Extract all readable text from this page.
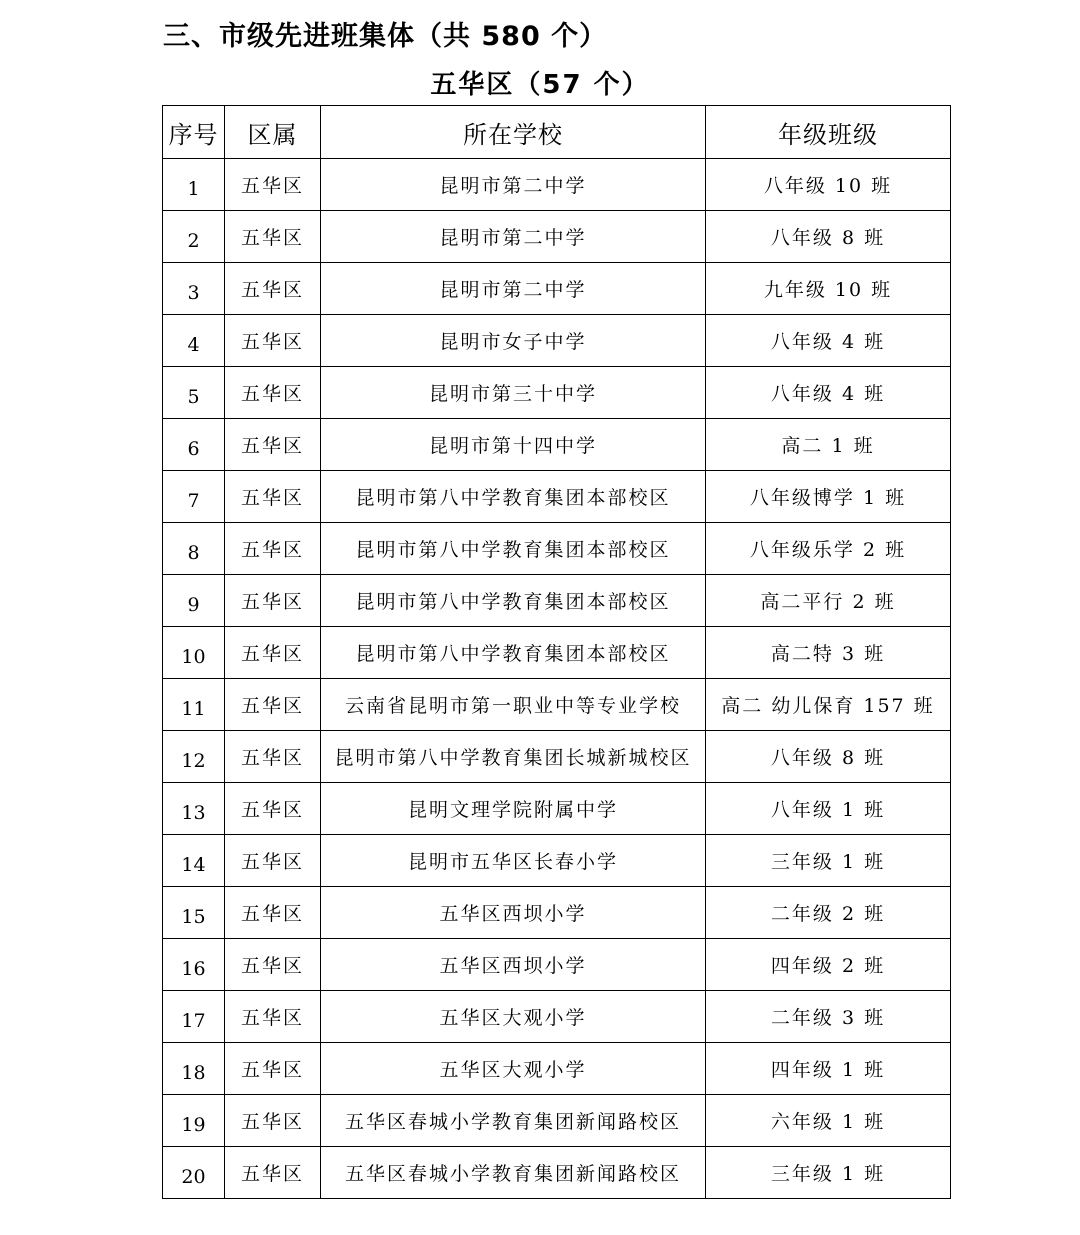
三、市级先进班集体（共 580 个）
五华区（57 个）
序号	区属	所在学校	年级班级
1	五华区	昆明市第二中学	八年级 10 班
2	五华区	昆明市第二中学	八年级 8 班
3	五华区	昆明市第二中学	九年级 10 班
4	五华区	昆明市女子中学	八年级 4 班
5	五华区	昆明市第三十中学	八年级 4 班
6	五华区	昆明市第十四中学	高二 1 班
7	五华区	昆明市第八中学教育集团本部校区	八年级博学 1 班
8	五华区	昆明市第八中学教育集团本部校区	八年级乐学 2 班
9	五华区	昆明市第八中学教育集团本部校区	高二平行 2 班
10	五华区	昆明市第八中学教育集团本部校区	高二特 3 班
11	五华区	云南省昆明市第一职业中等专业学校	高二 幼儿保育 157 班
12	五华区	昆明市第八中学教育集团长城新城校区	八年级 8 班
13	五华区	昆明文理学院附属中学	八年级 1 班
14	五华区	昆明市五华区长春小学	三年级 1 班
15	五华区	五华区西坝小学	二年级 2 班
16	五华区	五华区西坝小学	四年级 2 班
17	五华区	五华区大观小学	二年级 3 班
18	五华区	五华区大观小学	四年级 1 班
19	五华区	五华区春城小学教育集团新闻路校区	六年级 1 班
20	五华区	五华区春城小学教育集团新闻路校区	三年级 1 班
